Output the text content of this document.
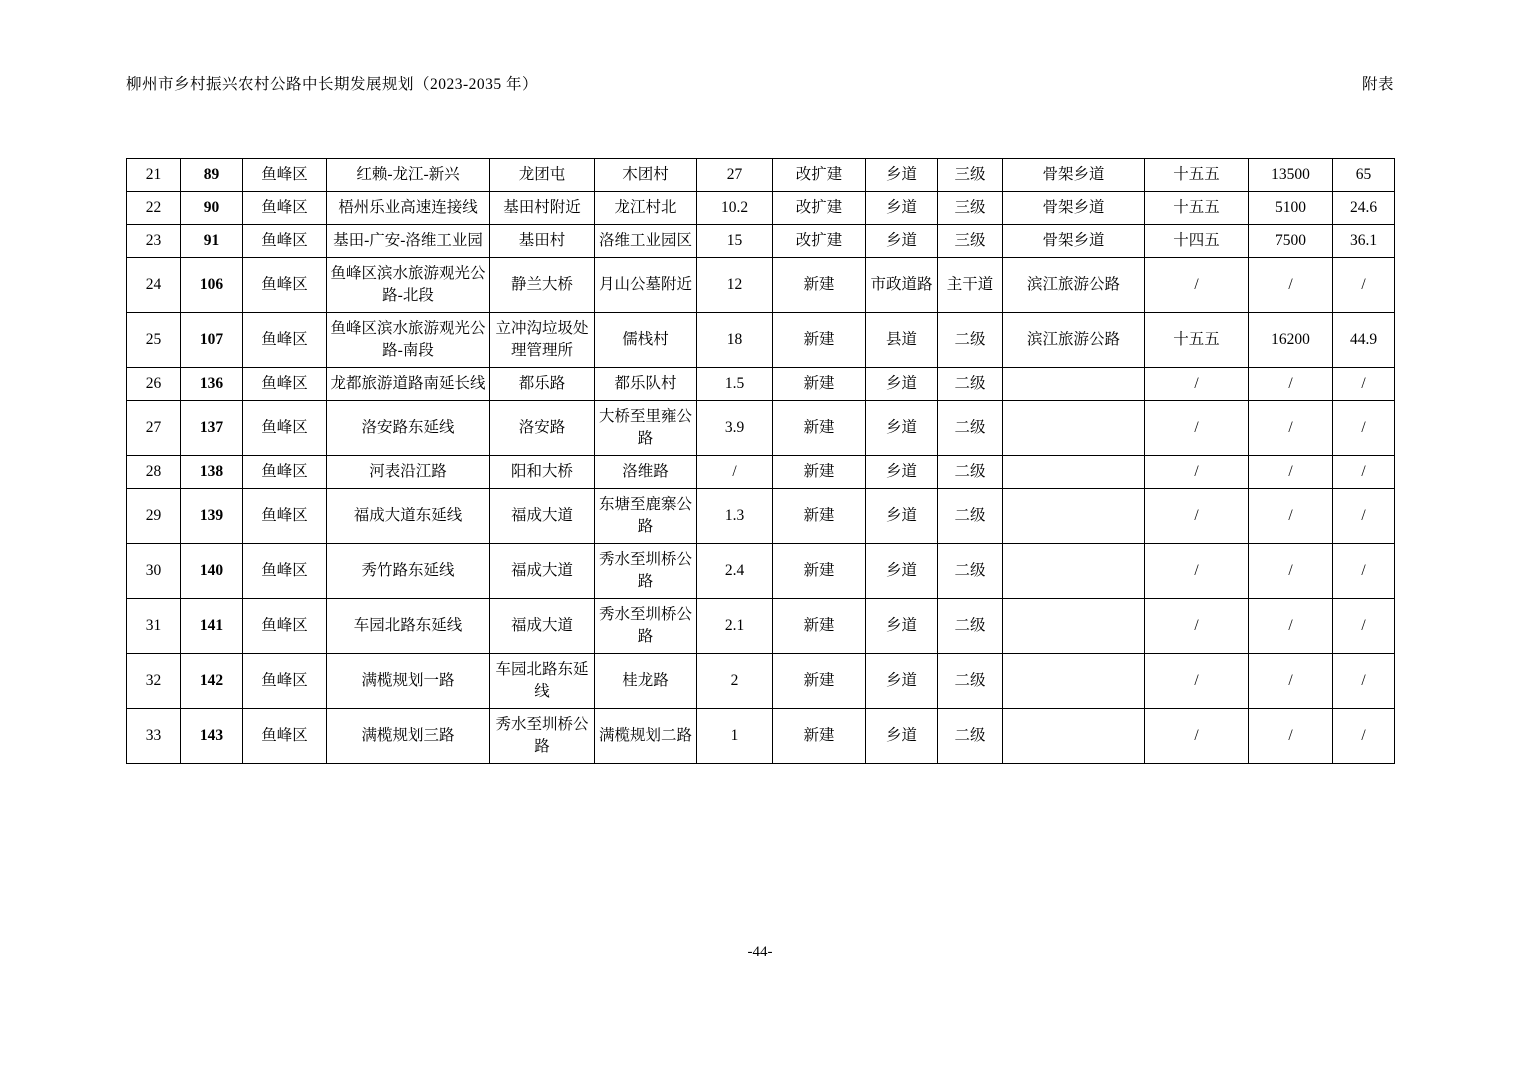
柳州市乡村振兴农村公路中长期发展规划（2023-2035 年）	附表
21	89	鱼峰区	红赖-龙江-新兴	龙团屯	木团村	27	改扩建	乡道	三级	骨架乡道	十五五	13500	65
22	90	鱼峰区	梧州乐业高速连接线	基田村附近	龙江村北	10.2	改扩建	乡道	三级	骨架乡道	十五五	5100	24.6
23	91	鱼峰区	基田-广安-洛维工业园	基田村	洛维工业园区	15	改扩建	乡道	三级	骨架乡道	十四五	7500	36.1
24	106	鱼峰区	鱼峰区滨水旅游观光公路-北段	静兰大桥	月山公墓附近	12	新建	市政道路	主干道	滨江旅游公路	/	/	/
25	107	鱼峰区	鱼峰区滨水旅游观光公路-南段	立冲沟垃圾处理管理所	儒栈村	18	新建	县道	二级	滨江旅游公路	十五五	16200	44.9
26	136	鱼峰区	龙都旅游道路南延长线	都乐路	都乐队村	1.5	新建	乡道	二级		/	/	/
27	137	鱼峰区	洛安路东延线	洛安路	大桥至里雍公路	3.9	新建	乡道	二级		/	/	/
28	138	鱼峰区	河表沿江路	阳和大桥	洛维路	/	新建	乡道	二级		/	/	/
29	139	鱼峰区	福成大道东延线	福成大道	东塘至鹿寨公路	1.3	新建	乡道	二级		/	/	/
30	140	鱼峰区	秀竹路东延线	福成大道	秀水至圳桥公路	2.4	新建	乡道	二级		/	/	/
31	141	鱼峰区	车园北路东延线	福成大道	秀水至圳桥公路	2.1	新建	乡道	二级		/	/	/
32	142	鱼峰区	满榄规划一路	车园北路东延线	桂龙路	2	新建	乡道	二级		/	/	/
33	143	鱼峰区	满榄规划三路	秀水至圳桥公路	满榄规划二路	1	新建	乡道	二级		/	/	/
-44-
